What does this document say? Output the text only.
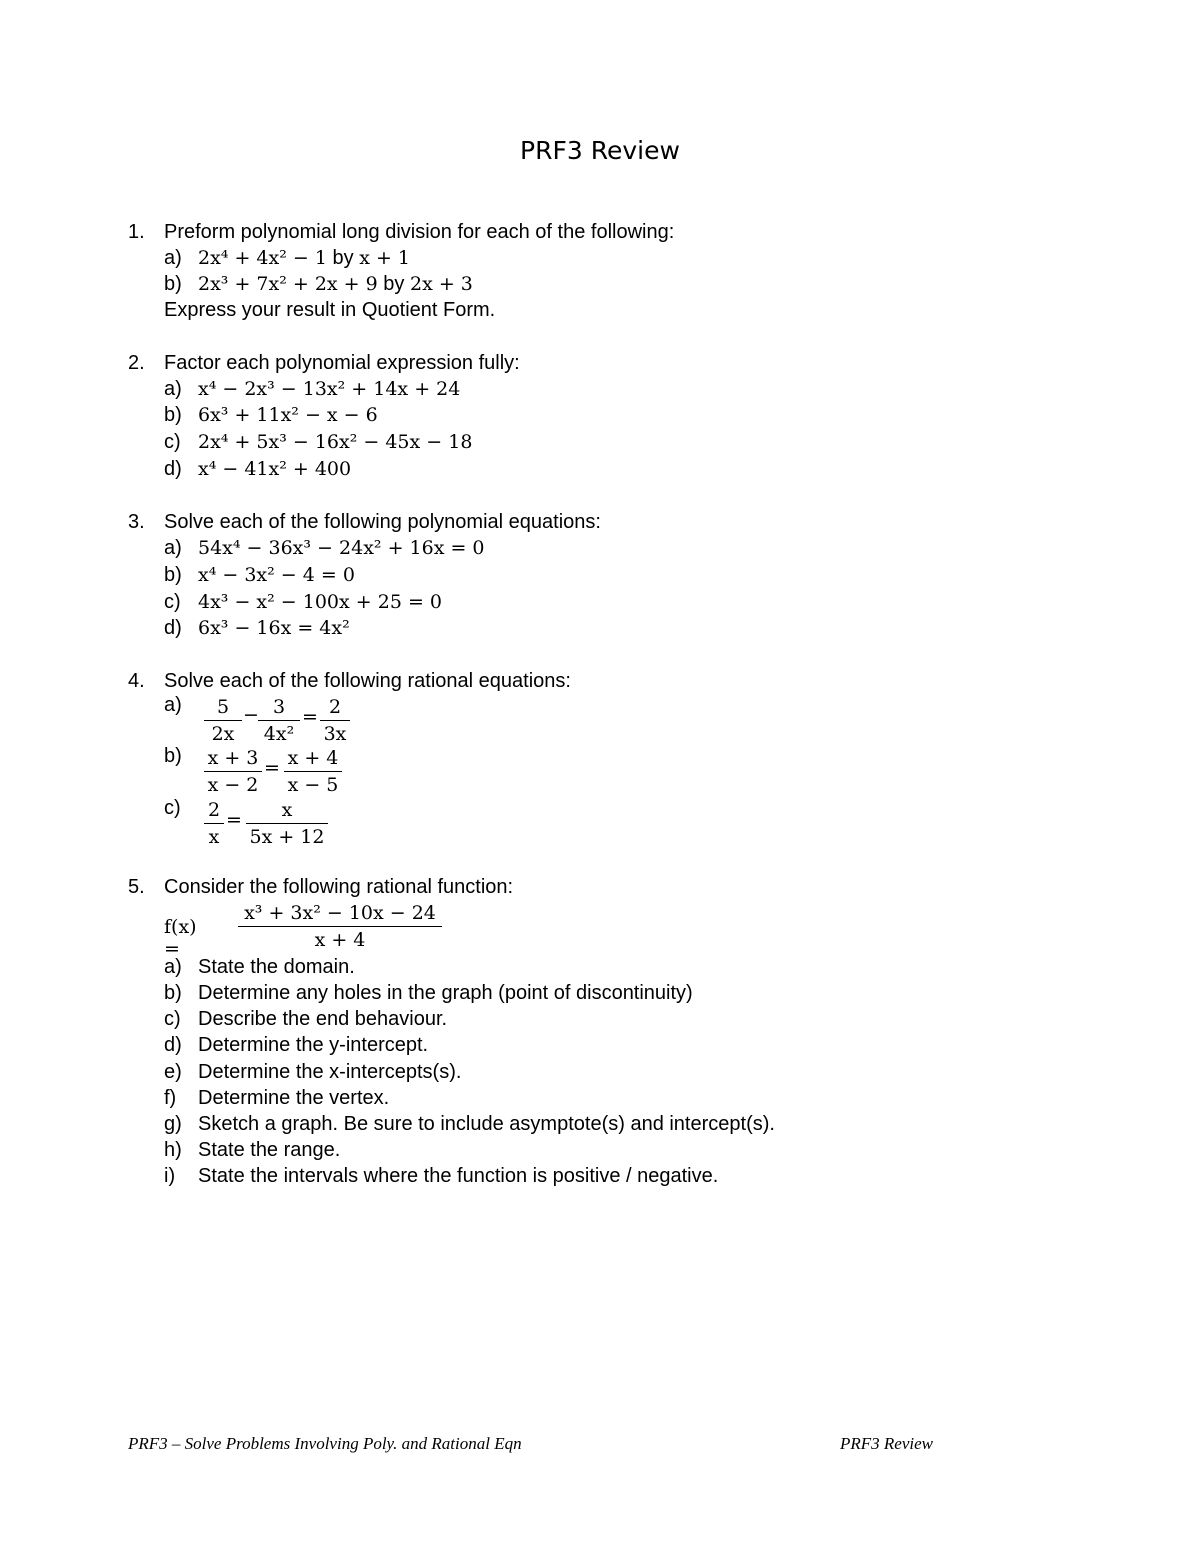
PRF3 Review
1. Preform polynomial long division for each of the following:
a) 2x⁴ + 4x² − 1 by x + 1
b) 2x³ + 7x² + 2x + 9 by 2x + 3
Express your result in Quotient Form.
2. Factor each polynomial expression fully:
a) x⁴ − 2x³ − 13x² + 14x + 24
b) 6x³ + 11x² − x − 6
c) 2x⁴ + 5x³ − 16x² − 45x − 18
d) x⁴ − 41x² + 400
3. Solve each of the following polynomial equations:
a) 54x⁴ − 36x³ − 24x² + 16x = 0
b) x⁴ − 3x² − 4 = 0
c) 4x³ − x² − 100x + 25 = 0
d) 6x³ − 16x = 4x²
4. Solve each of the following rational equations:
a)	5
2x
− 3
4x²
= 2
3x
b) x + 3
x − 2
= x + 4
x − 5
c) 2
x
=	x
5x + 12
5. Consider the following rational function:
f(x) =
x³ + 3x² − 10x − 24
x + 4
a) State the domain.
b) Determine any holes in the graph (point of discontinuity)
c) Describe the end behaviour.
d) Determine the y-intercept.
e) Determine the x-intercepts(s).
f) Determine the vertex.
g) Sketch a graph. Be sure to include asymptote(s) and intercept(s).
h) State the range.
i) State the intervals where the function is positive / negative.
PRF3 – Solve Problems Involving Poly. and Rational Eqn	PRF3 Review
